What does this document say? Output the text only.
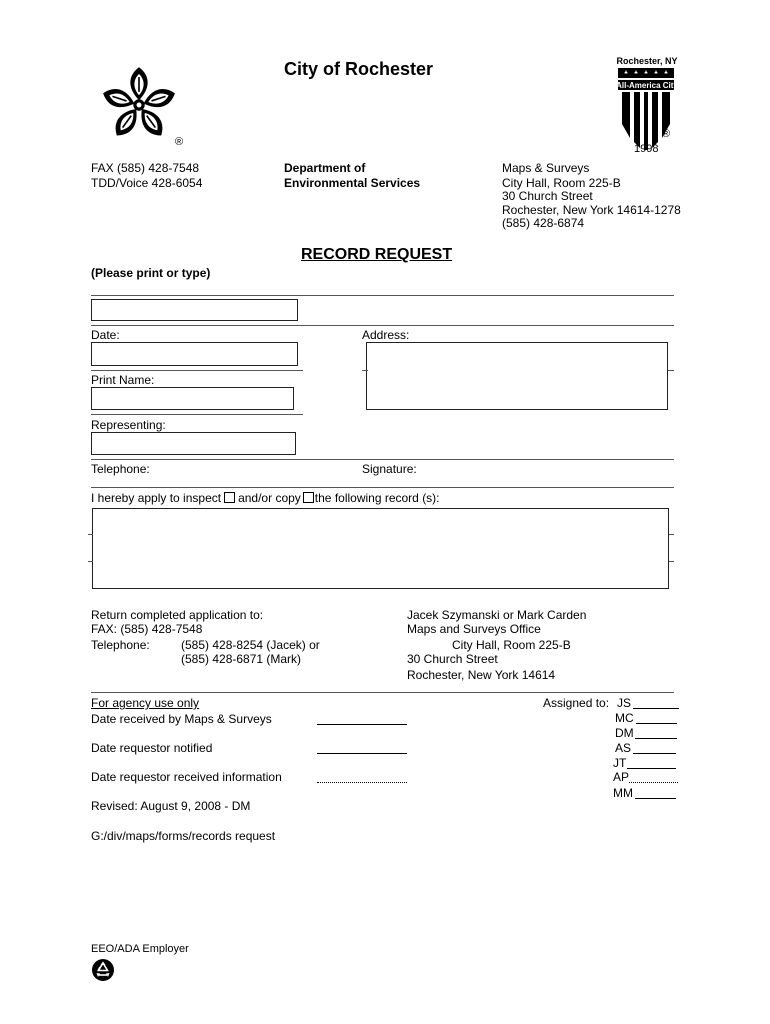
®
City of Rochester	Rochester, NY
All-America City
®
1998
FAX (585) 428-7548
TDD/Voice 428-6054
Department of
Environmental Services
Maps & Surveys
City Hall, Room 225-B
30 Church Street
Rochester, New York 14614-1278
(585) 428-6874
RECORD REQUEST
(Please print or type)
Date:	Address:
Print Name:
Representing:
Telephone:	Signature:
I hereby apply to inspect and/or copy the following record (s):
Return completed application to:
FAX: (585) 428-7548
Telephone:	(585) 428-8254 (Jacek) or
(585) 428-6871 (Mark)
Jacek Szymanski or Mark Carden
Maps and Surveys Office
City Hall, Room 225-B
30 Church Street
Rochester, New York 14614
For agency use only
Date received by Maps & Surveys
Date requestor notified
Date requestor received information
Revised: August 9, 2008 - DM
G:/div/maps/forms/records request
Assigned to: JS
MC
DM
AS
JT
AP
MM
EEO/ADA Employer
